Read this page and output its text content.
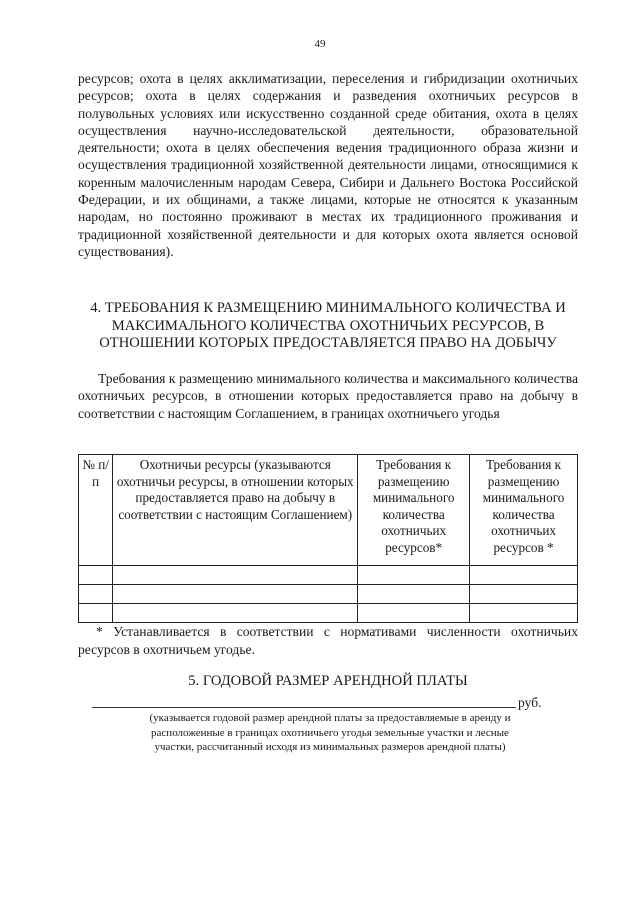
49
ресурсов; охота в целях акклиматизации, переселения и гибридизации охотничьих ресурсов; охота в целях содержания и разведения охотничьих ресурсов в полувольных условиях или искусственно созданной среде обитания, охота в целях осуществления научно-исследовательской деятельности, образовательной деятельности; охота в целях обеспечения ведения традиционного образа жизни и осуществления традиционной хозяйственной деятельности лицами, относящимися к коренным малочисленным народам Севера, Сибири и Дальнего Востока Российской Федерации, и их общинами, а также лицами, которые не относятся к указанным народам, но постоянно проживают в местах их традиционного проживания и традиционной хозяйственной деятельности и для которых охота является основой существования).
4. ТРЕБОВАНИЯ К РАЗМЕЩЕНИЮ МИНИМАЛЬНОГО КОЛИЧЕСТВА И МАКСИМАЛЬНОГО КОЛИЧЕСТВА ОХОТНИЧЬИХ РЕСУРСОВ, В ОТНОШЕНИИ КОТОРЫХ ПРЕДОСТАВЛЯЕТСЯ ПРАВО НА ДОБЫЧУ
Требования к размещению минимального количества и максимального количества охотничьих ресурсов, в отношении которых предоставляется право на добычу в соответствии с настоящим Соглашением, в границах охотничьего угодья
№ п/п	Охотничьи ресурсы (указываются охотничьи ресурсы, в отношении которых предоставляется право на добычу в соответствии с настоящим Соглашением)	Требования к размещению минимального количества охотничьих ресурсов*	Требования к размещению минимального количества охотничьих ресурсов *

* Устанавливается в соответствии с нормативами численности охотничьих ресурсов в охотничьем угодье.
5. ГОДОВОЙ РАЗМЕР АРЕНДНОЙ ПЛАТЫ
руб.
(указывается годовой размер арендной платы за предоставляемые в аренду и расположенные в границах охотничьего угодья земельные участки и лесные участки, рассчитанный исходя из минимальных размеров арендной платы)
